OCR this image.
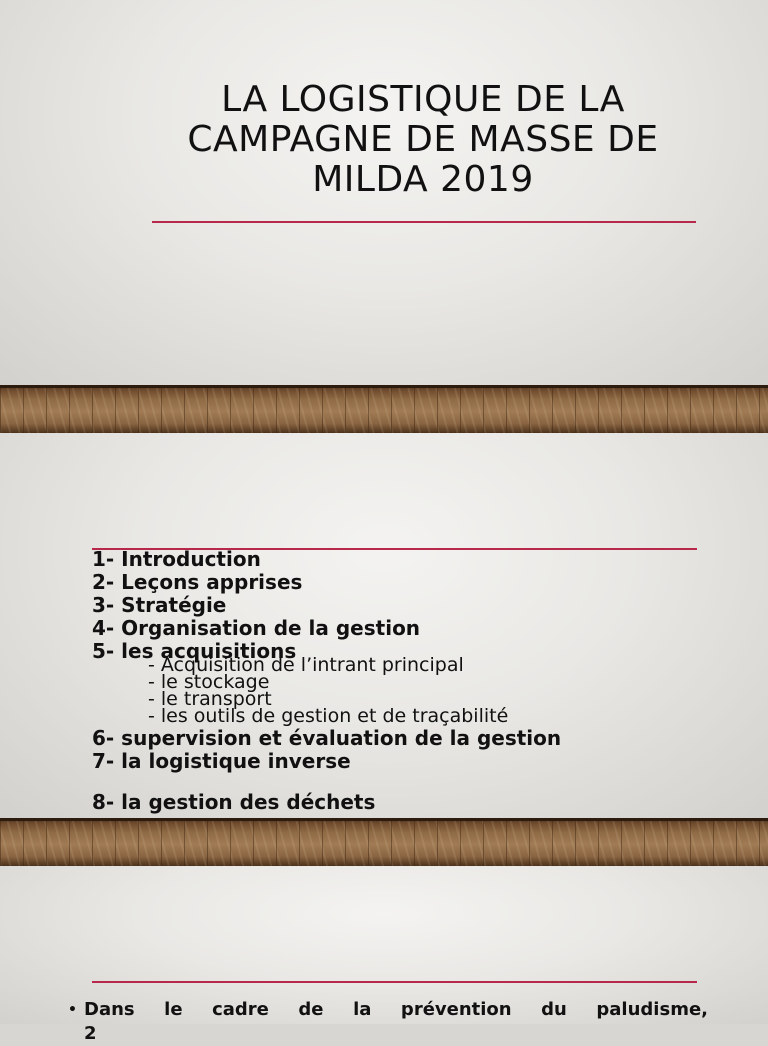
LA LOGISTIQUE DE LA CAMPAGNE DE MASSE DE MILDA 2019
1- Introduction
2- Leçons apprises
3- Stratégie
4- Organisation de la gestion
5- les acquisitions
- Acquisition de l’intrant principal
- le stockage
- le transport
- les outils de gestion et de traçabilité
6- supervision et évaluation de la gestion
7- la logistique inverse
8- la gestion des déchets
• Dans le cadre de la prévention du paludisme, 2
